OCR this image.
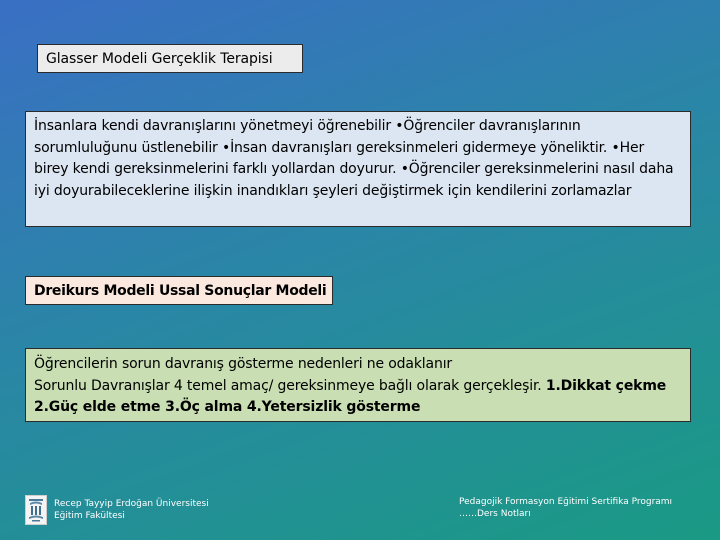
Glasser Modeli Gerçeklik Terapisi
İnsanlara kendi davranışlarını yönetmeyi öğrenebilir •Öğrenciler davranışlarının sorumluluğunu üstlenebilir •İnsan davranışları gereksinmeleri gidermeye yöneliktir. •Her birey kendi gereksinmelerini farklı yollardan doyurur. •Öğrenciler gereksinmelerini nasıl daha iyi doyurabileceklerine ilişkin inandıkları şeyleri değiştirmek için kendilerini zorlamazlar
Dreikurs Modeli Ussal Sonuçlar Modeli
Öğrencilerin sorun davranış gösterme nedenleri ne odaklanır
Sorunlu Davranışlar 4 temel amaç/ gereksinmeye bağlı olarak gerçekleşir. 1.Dikkat çekme 2.Güç elde etme 3.Öç alma 4.Yetersizlik gösterme
Recep Tayyip Erdoğan Üniversitesi
Eğitim Fakültesi
Pedagojik Formasyon Eğitimi Sertifika Programı
……Ders Notları
